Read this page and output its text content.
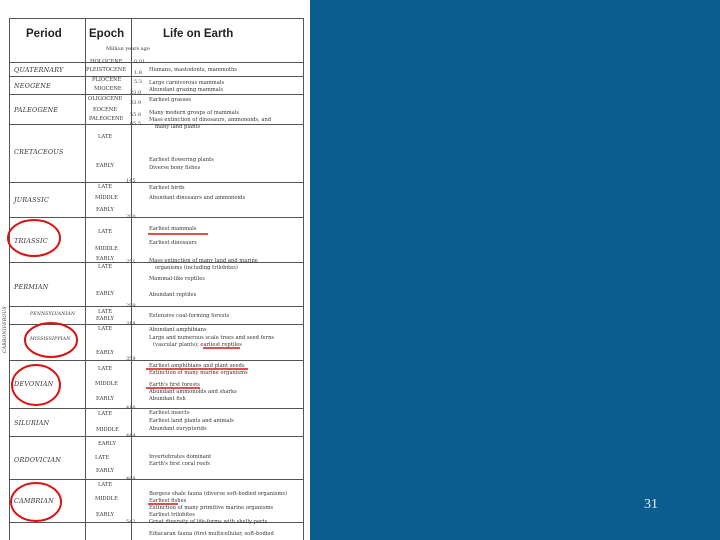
Period Epoch	Life on Earth
Million years ago
QUATERNARY
NEOGENE
PALEOGENE
CRETACEOUS
JURASSIC
TRIASSIC
PERMIAN
PENNSYLVANIAN
MISSISSIPPIAN
CARBONIFEROUS
DEVONIAN
SILURIAN
ORDOVICIAN
CAMBRIAN
HOLOCENE
PLEISTOCENE
PLIOCENE
MIOCENE
OLIGOCENE
EOCENE
PALEOCENE
LATE
EARLY
LATE
MIDDLE
EARLY
LATE
MIDDLE
EARLY
LATE
EARLY
LATE
EARLY
LATE
EARLY
LATE
MIDDLE
EARLY
LATE
MIDDLE
EARLY
LATE
EARLY
LATE
MIDDLE
EARLY
0.01
1.8
5.3
23.0
33.9
55.8
65.5
145
200
251
299
318
359
416
444
488
542
Humans, mastodonts, mammoths
Large carnivorous mammals
Abundant grazing mammals
Earliest grasses
Many modern groups of mammals
Mass extinction of dinosaurs, ammonoids, and
many land plants
Earliest flowering plants
Diverse bony fishes
Earliest birds
Abundant dinosaurs and ammonoids
Earliest mammals
Earliest dinosaurs
Mass extinction of many land and marine
organisms (including trilobites)
Mammal-like reptiles
Abundant reptiles
Extensive coal-forming forests
Abundant amphibians
Large and numerous scale trees and seed ferns
(vascular plants); earliest reptiles
Earliest amphibians and plant seeds
Extinction of many marine organisms
Earth's first forests
Abundant ammonoids and sharks
Abundant fish
Earliest insects
Earliest land plants and animals
Abundant eurypterids
Invertebrates dominant
Earth's first coral reefs
Burgess shale fauna (diverse soft-bodied organisms)
Earliest fishes
Extinction of many primitive marine organisms
Earliest trilobites
Great diversity of life-forms with shelly parts
Ediacaran fauna (first multicellular, soft-bodied
31
